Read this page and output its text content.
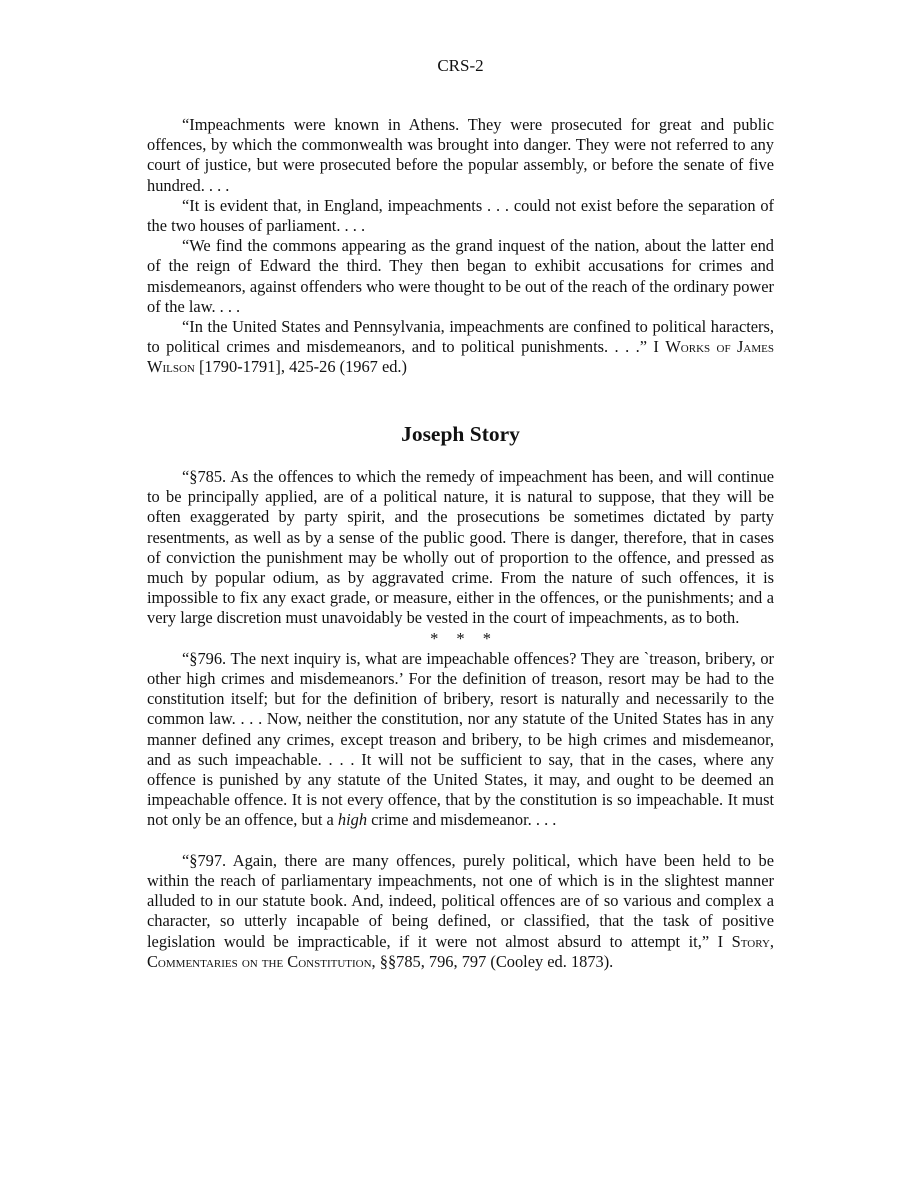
CRS-2

“Impeachments were known in Athens. They were prosecuted for great and public offences, by which the commonwealth was brought into danger. They were not referred to any court of justice, but were prosecuted before the popular assembly, or before the senate of five hundred. . . .

“It is evident that, in England, impeachments . . . could not exist before the separation of the two houses of parliament. . . .

“We find the commons appearing as the grand inquest of the nation, about the latter end of the reign of Edward the third. They then began to exhibit accusations for crimes and misdemeanors, against offenders who were thought to be out of the reach of the ordinary power of the law. . . .

“In the United States and Pennsylvania, impeachments are confined to political haracters, to political crimes and misdemeanors, and to political punishments. . . .” I Works of James Wilson [1790-1791], 425-26 (1967 ed.)

Joseph Story

“§785. As the offences to which the remedy of impeachment has been, and will continue to be principally applied, are of a political nature, it is natural to suppose, that they will be often exaggerated by party spirit, and the prosecutions be sometimes dictated by party resentments, as well as by a sense of the public good. There is danger, therefore, that in cases of conviction the punishment may be wholly out of proportion to the offence, and pressed as much by popular odium, as by aggravated crime. From the nature of such offences, it is impossible to fix any exact grade, or measure, either in the offences, or the punishments; and a very large discretion must unavoidably be vested in the court of impeachments, as to both.

* * *

“§796. The next inquiry is, what are impeachable offences? They are `treason, bribery, or other high crimes and misdemeanors.’ For the definition of treason, resort may be had to the constitution itself; but for the definition of bribery, resort is naturally and necessarily to the common law. . . . Now, neither the constitution, nor any statute of the United States has in any manner defined any crimes, except treason and bribery, to be high crimes and misdemeanor, and as such impeachable. . . . It will not be sufficient to say, that in the cases, where any offence is punished by any statute of the United States, it may, and ought to be deemed an impeachable offence. It is not every offence, that by the constitution is so impeachable. It must not only be an offence, but a high crime and misdemeanor. . . .

“§797. Again, there are many offences, purely political, which have been held to be within the reach of parliamentary impeachments, not one of which is in the slightest manner alluded to in our statute book. And, indeed, political offences are of so various and complex a character, so utterly incapable of being defined, or classified, that the task of positive legislation would be impracticable, if it were not almost absurd to attempt it,” I Story, Commentaries on the Constitution, §§785, 796, 797 (Cooley ed. 1873).
